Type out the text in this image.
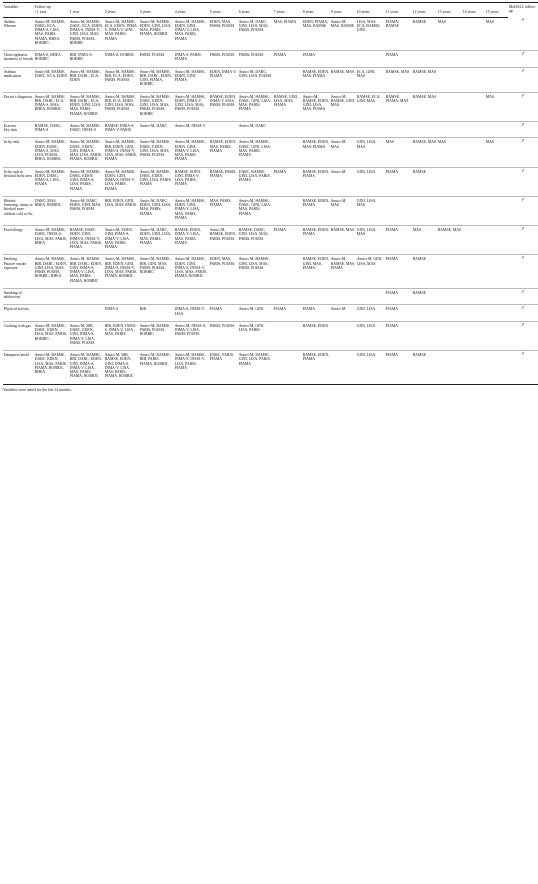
Variables	Follow-up																MeDALL follow-up
	<1 year	1 year	2 years	3 years	4 years	5 years	6 years	7 years	8 years	9 years	10 years	11 years	12 years	13 years	14 years	15 years	

Asthma
Wheeze	Amics-M, BAMSE, DARC, ECA, INMA-S, LISA, MAS, PARIS, PIAMA, RHEA, ROBBIC	Amics-M, BAMSE, DARC, ECA, EDEN, INMA-S, INMA-V, GINI, LISA, MAS, PARIS, PIAMA, ROBBIC	Amics-M, BAMSE, ECA, EDEN, INMA-S, INMA-V, GINI, MAS, PARIS, PIAMA	Amics-M, BAMSE, EDEN, GINI, LISA, MAS, PARIS, PIAMA, ROBBIC	Amics-M, BAMSE, EDEN, GINI, INMA-V, LISA, MAS, PARIS, PIAMA	EDEN, MAS, PARIS, PIAMA	Amics-M, DARC, GINI, LISA, MAS, PARIS, PIAMA	MAS, PIAMA	EDEN, PIAMA, MAS, BAMSE	Amics-M, MAS, BAMSE	LISA, MAS, ECA, BAMSE, GINI	PIAMA, BAMSE	BAMSE	MAS		MAS	✓
Chest tightness, shortness of breath	INMA-S, RHEA, ROBBIC	BIB, INMA-S, ROBBIC	INMA-S, ROBBIC	PARIS, PIAMA	INMA-S, PARIS, PIAMA	PARIS, PIAMA	PARIS, PIAMA	PIAMA	PIAMA			PIAMA					✓
Asthma medication	Amics-M, BAMSE, DARC, ECA, EDEN	Amics-M, BAMSE, BIB, DARC, ECA, EDEN	Amics-M, BAMSE, BIB, ECA, EDEN, PARIS, PIAMA	Amics-M, BAMSE, BIB, DARC, EDEN, GINI, PIAMA, ROBBIC	Amics-M, BAMSE, EDEN, GINI, PIAMA	EDEN, INMA-V, PIAMA	Amics-M, DARC, GINI, LISA, PIAMA		BAMSE, EDEN, MAS, PIAMA	BAMSE, MAS	ECA, GINI, MAS	BAMSE, MAS	BAMSE, MAS				✓
Doctor's diagnosis	Amics-M, BAMSE, BIB, DARC, ECA, INMA-S, MAS, RHEA, ROBBIC	Amics-M, BAMSE, BIB, DARC, ECA, EDEN, GINI, LISA, MAS, PARIS, PIAMA, ROBBIC	Amics-M, BAMSE, BIB, ECA, EDEN, GINI, LISA, MAS, PARIS, PIAMA	Amics-M, BAMSE, DARC, EDEN, GINI, LISA, MAS, PARIS, PIAMA, ROBBIC	Amics-M, BAMSE, EDEN, INMA-V, GINI, LISA, MAS, PARIS, PIAMA	BAMSE, EDEN, INMA-V, MAS, PARIS, PIAMA	Amics-M, BAMSE, DARC, GINI, LISA, MAS, PARIS, PIAMA	BAMSE, GINI, LISA, MAS, PIAMA	Amics-M, BAMSE, EDEN, GINI, LISA, MAS, PIAMA	Amics-M, BAMSE, GINI, MAS	BAMSE, ECA, GINI, MAS	BAMSE, PIAMA, MAS	BAMSE, MAS			MAS	✓

Eczema
Dry skin	BAMSE, DARC, INMA-S	Amics-M, BAMSE, DARC, INMA-S	BAMSE, INMA-S, INMA-V, PARIS	Amics-M, DARC	Amics-M, INMA-V		Amics-M, DARC										✓
Itchy rash	Amics-M, BAMSE, EDEN, DARC, INMA-S, MAS, LISA, PIAMA, RHEA, ROBBIC	Amics-M, BAMSE, DARC, EDEN, GINI, INMA-S, MAS, LISA, PARIS, PIAMA, ROBBIC	Amics-M, BAMSE, BIB, EDEN, GINI, INMA-S, INMA-V, LISA, MAS, PARIS, PIAMA	Amics-M, BAMSE, DARC, EDEN, GINI, LISA, MAS, PARIS, PIAMA	Amics-M, BAMSE, EDEN, GINI, INMA-V, LISA, MAS, PARIS, PIAMA	BAMSE, EDEN, MAS, PARIS, PIAMA	Amics-M, BAMSE, DARC, GINI, LISA, MAS, PARIS, PIAMA		BAMSE, EDEN, MAS, PIAMA	Amics-M, MAS	GINI, LISA, MAS	MAS	BAMSE, MAS	MAS		MAS	✓
Itchy rash at flexural body area	Amics-M, BAMSE, EDEN, DARC, INMA-S, LISA, PIAMA	Amics-M, BAMSE, DARC, EDEN, GINI, INMA-S, LISA, PARIS, PIAMA	Amics-M, BAMSE, EDEN, GINI, INMA-S, INMA-V, LISA, PARIS, PIAMA	Amics-M, BAMSE, DARC, EDEN, GINI, LISA, PARIS, PIAMA	BAMSE, EDEN, GINI, INMA-V, LISA, PARIS, PIAMA	BAMSE, PARIS, PIAMA	DARC, BAMSE, GINI, LISA, PARIS, PIAMA	PIAMA	BAMSE, EDEN, PIAMA	Amics-M	GINI, LISA	PIAMA	BAMSE				✓

Rhinitis
Sneezing, runny or blocked nose without cold or flu	DARC, MAS, RHEA, ROBBIC	Amics-M, DARC, EDEN, GINI, MAS, PARIS, PIAMA	BIB, EDEN, GINI, LISA, MAS, PARIS	Amics-M, DARC, EDEN, GINI, LISA, MAS, PARIS, PIAMA	Amics-M, BAMSE, EDEN, GINI, INMA-V, LISA, MAS, PARIS, PIAMA	MAS, PARIS, PIAMA	Amics-M, BAMSE, DARC, GINI, LISA, MAS, PARIS, PIAMA		BAMSE, EDEN, PIAMA	Amics-M, MAS	GINI, LISA, MAS						✓
Food allergy	Amics-M, BAMSE, DARC, INMA-S, LISA, MAS, PARIS, RHEA	BAMSE, DARC, EDEN, GINI, INMA-S, INMA-V, LISA, MAS, PARIS, PIAMA	Amics-M, EDEN, GINI, INMA-S, INMA-V, LISA, MAS, PARIS, PIAMA	Amics-M, DARC, EDEN, GINI, LISA, MAS, PARIS, PIAMA	BAMSE, EDEN, INMA-V, LISA, MAS, PARIS, PIAMA	Amics-M, BAMSE, EDEN, PARIS, PIAMA	BAMSE, DARC, GINI, LISA, MAS, PARIS, PIAMA	PIAMA	BAMSE, EDEN, PIAMA	BAMSE, MAS	GINI, LISA, MAS	PIAMA	MAS	BAMSE, MAS			✓

Smoking
Passive smoke exposure	Amics-M, BAMSE, BIB, DARC, EDEN, GINI, LISA, MAS, PARIS, PIAMA, ROBBIC, RHEA	Amics-M, BAMSE, BIB, DARC, EDEN, GINI, INMA-S, INMA-V, LISA, MAS, PARIS, PIAMA, ROBBIC	Amics-M, BAMSE, BIB, EDEN, GINI, INMA-S, INMA-V, LISA, MAS, PARIS, PIAMA, ROBBIC	Amics-M, BAMSE, BIB, GINI, MAS, PARIS, PIAMA, ROBBIC	Amics-M, BAMSE, EDEN, GINI, INMA-S, INMA-V, LISA, MAS, PARIS, PIAMA, ROBBIC	EDEN, MAS, PARIS, PIAMA	Amics-M, BAMSE, GINI, LISA, MAS, PARIS, PIAMA		BAMSE, EDEN, GINI, MAS, PIAMA	Amics-M, BAMSE, MAS, PIAMA	Amics-M, GINI, LISA, MAS	PIAMA	BAMSE				✓
Smoking of adolescent												PIAMA	BAMSE				✓
Physical activity			INMA-S	BIB	INMA-S, INMA-V, LISA	PIAMA	Amics-M, GINI	PIAMA	PIAMA	Amics-M	GINI, LISA	PIAMA					✓
Cooking with gas	Amics-M, BAMSE, DARC, EDEN, LISA, MAS, PARIS, ROBBIC	Amics-M, BIB, DARC, EDEN, GINI, INMA-S, INMA-V, LISA, PARIS, PIAMA	BIB, EDEN, INMA-S, INMA-V, LISA, MAS, PARIS	Amics-M, BAMSE, PARIS, PIAMA, ROBBIC	Amics-M, INMA-S, INMA-V, LISA, PARIS, PIAMA	PARIS, PIAMA	Amics-M, GINI, LISA, PARIS		BAMSE, EDEN		GINI, LISA	PIAMA					✓
Dampness/mold	Amics-M, BAMSE, DARC, EDEN, LISA, MAS, PARIS, PIAMA, ROBBIC, RHEA	Amics-M, BAMSE, BIB, DARC, EDEN, GINI, INMA-S, INMA-V, LISA, MAS, PARIS, PIAMA, ROBBIC	Amics-M, BIB, BAMSE, EDEN, GINI, INMA-S, INMA-V, LISA, MAS, PARIS, PIAMA, ROBBIC	Amics-M, BAMSE, BIB, PARIS, PIAMA, ROBBIC	Amics-M, BAMSE, INMA-S, INMA-V, LISA, PARIS, PIAMA	DARC, PARIS, PIAMA	Amics-M, BAMSE, GINI, LISA, PARIS, PIAMA		BAMSE, EDEN, PIAMA		GINI, LISA	PIAMA	BAMSE				✓
Variables were asked for the last 12 months.
